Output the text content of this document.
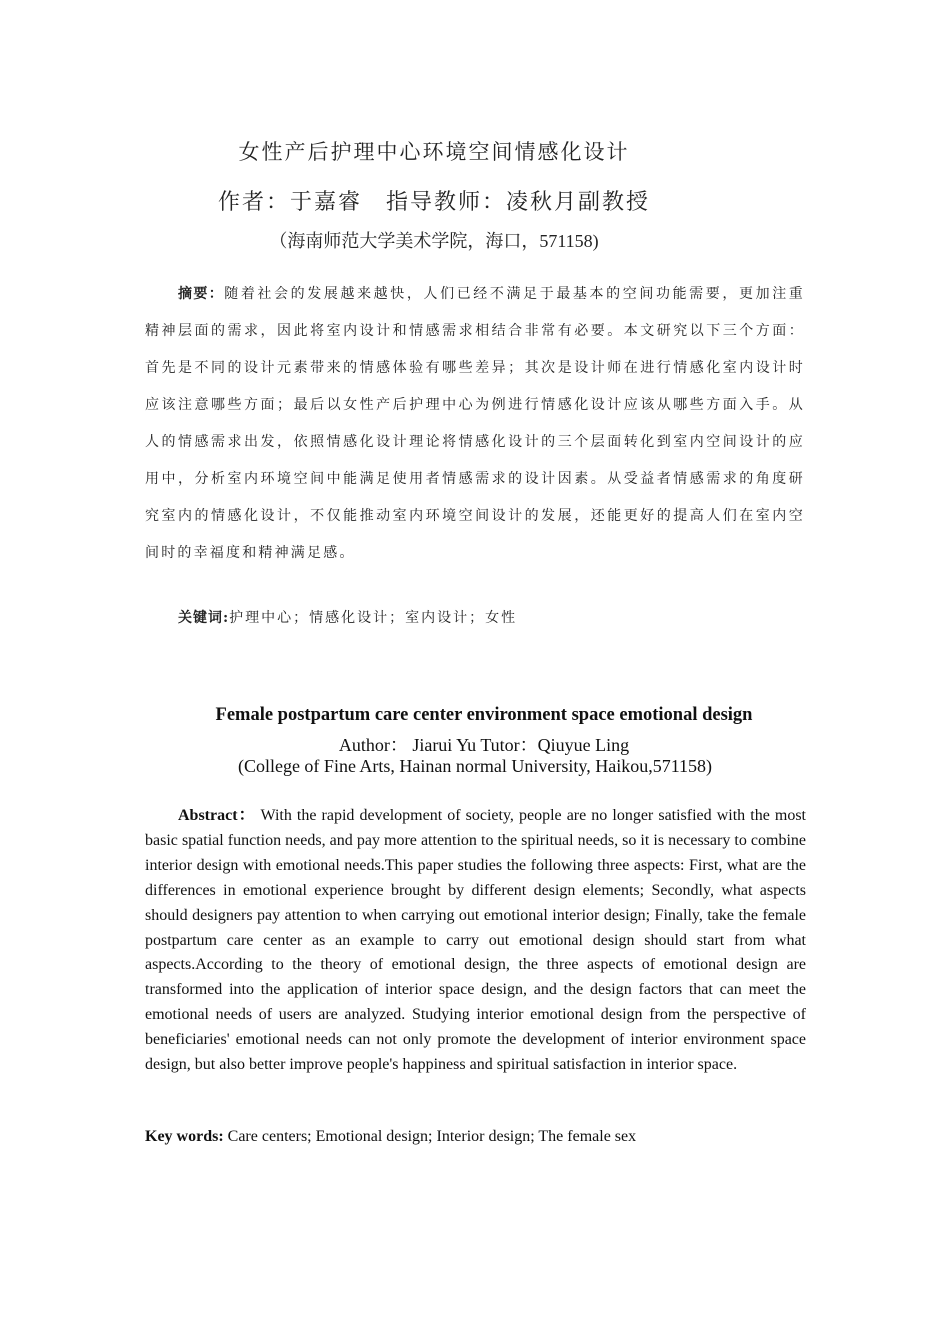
女性产后护理中心环境空间情感化设计
作者：于嘉睿　指导教师：凌秋月副教授
（海南师范大学美术学院，海口，571158)

摘要：随着社会的发展越来越快，人们已经不满足于最基本的空间功能需要，更加注重精神层面的需求，因此将室内设计和情感需求相结合非常有必要。本文研究以下三个方面：首先是不同的设计元素带来的情感体验有哪些差异；其次是设计师在进行情感化室内设计时应该注意哪些方面；最后以女性产后护理中心为例进行情感化设计应该从哪些方面入手。从人的情感需求出发，依照情感化设计理论将情感化设计的三个层面转化到室内空间设计的应用中，分析室内环境空间中能满足使用者情感需求的设计因素。从受益者情感需求的角度研究室内的情感化设计，不仅能推动室内环境空间设计的发展，还能更好的提高人们在室内空间时的幸福度和精神满足感。

关键词:护理中心；情感化设计；室内设计；女性
Female postpartum care center environment space emotional design
Author： Jiarui Yu Tutor：Qiuyue Ling
(College of Fine Arts, Hainan normal University, Haikou,571158)

Abstract： With the rapid development of society, people are no longer satisfied with the most basic spatial function needs, and pay more attention to the spiritual needs, so it is necessary to combine interior design with emotional needs.This paper studies the following three aspects: First, what are the differences in emotional experience brought by different design elements; Secondly, what aspects should designers pay attention to when carrying out emotional interior design; Finally, take the female postpartum care center as an example to carry out emotional design should start from what aspects.According to the theory of emotional design, the three aspects of emotional design are transformed into the application of interior space design, and the design factors that can meet the emotional needs of users are analyzed. Studying interior emotional design from the perspective of beneficiaries' emotional needs can not only promote the development of interior environment space design, but also better improve people's happiness and spiritual satisfaction in interior space.

Key words: Care centers; Emotional design; Interior design; The female sex
